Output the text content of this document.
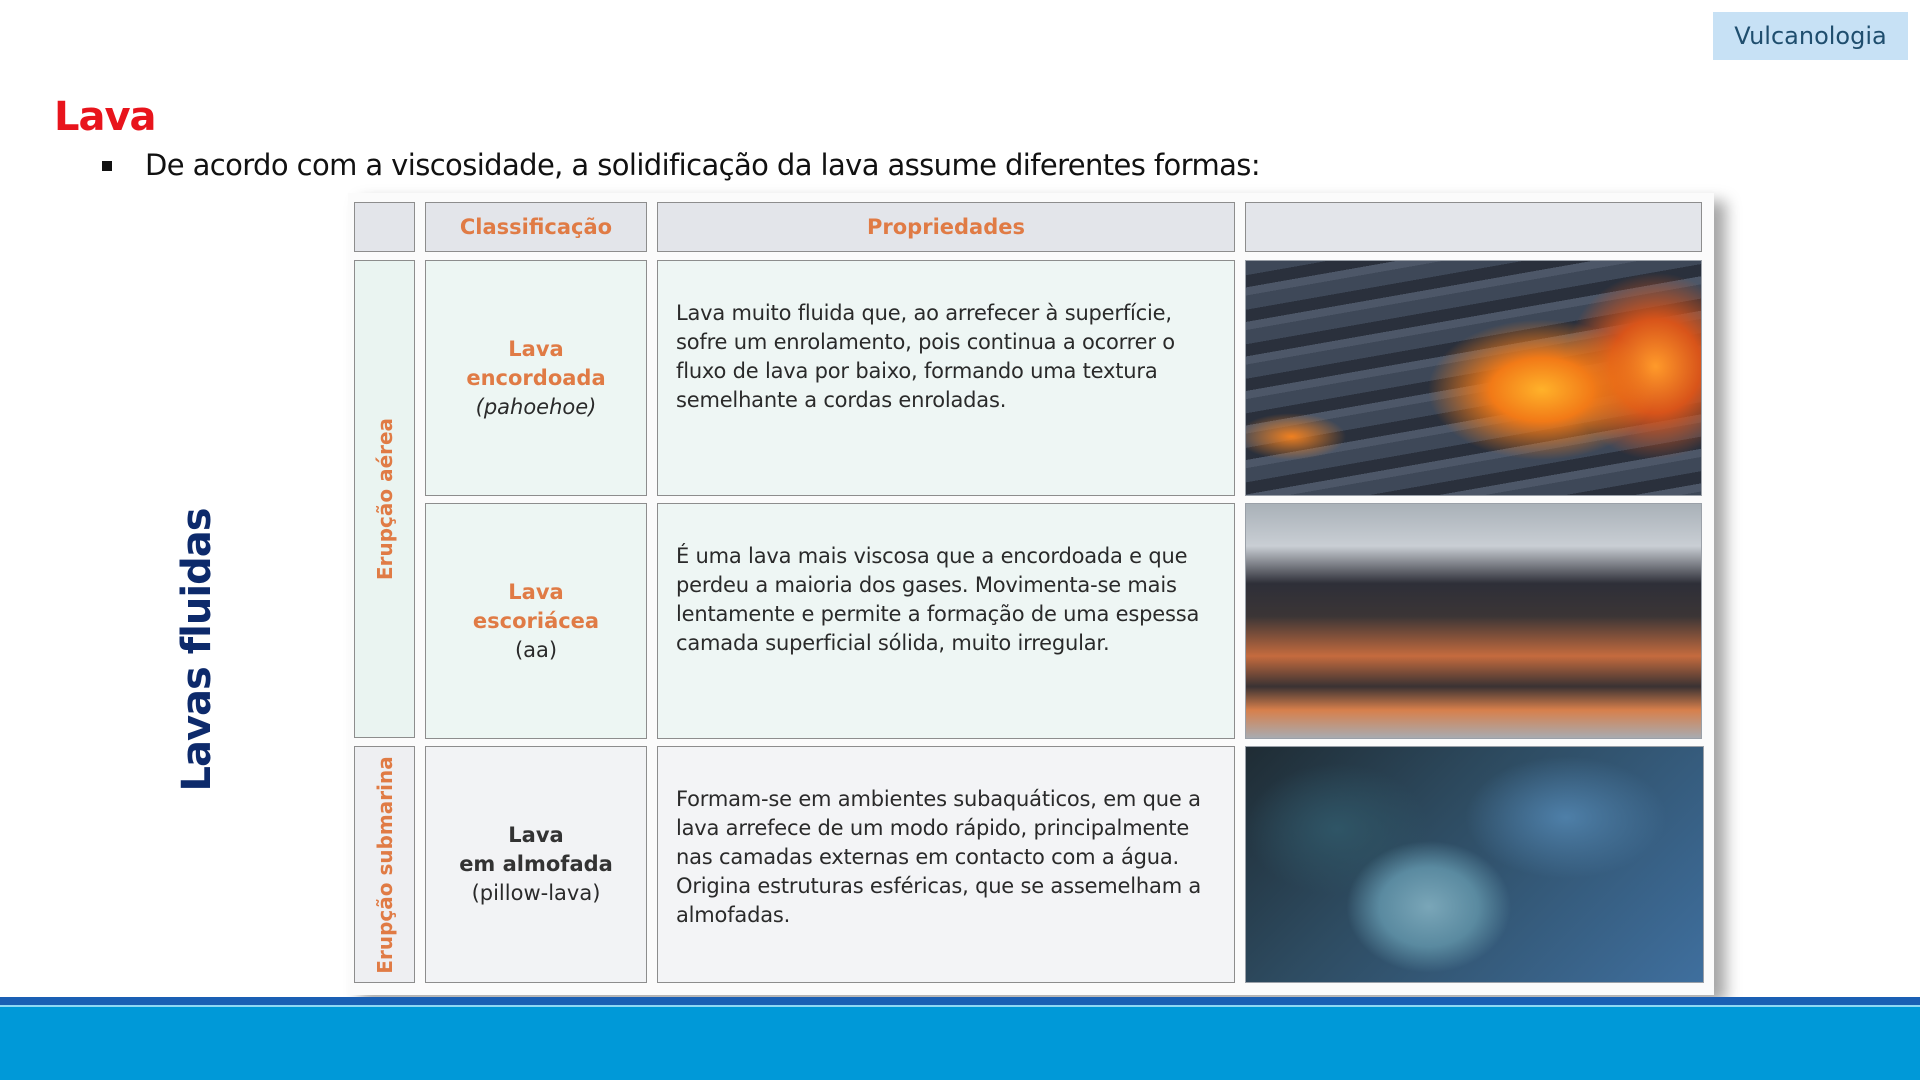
Vulcanologia
Lava
De acordo com a viscosidade, a solidificação da lava assume diferentes formas:
Lavas fluidas
Classificação	Propriedades
Erupção aérea
Erupção submarina
Lava
encordoada
(pahoehoe)
Lava muito fluida que, ao arrefecer à superfície, sofre um enrolamento, pois continua a ocorrer o fluxo de lava por baixo, formando uma textura semelhante a cordas enroladas.
Lava
escoriácea
(aa)
É uma lava mais viscosa que a encordoada e que perdeu a maioria dos gases. Movimenta-se mais lentamente e permite a formação de uma espessa camada superficial sólida, muito irregular.
Lava
em almofada
(pillow-lava)
Formam-se em ambientes subaquáticos, em que a lava arrefece de um modo rápido, principalmente nas camadas externas em contacto com a água. Origina estruturas esféricas, que se assemelham a almofadas.
